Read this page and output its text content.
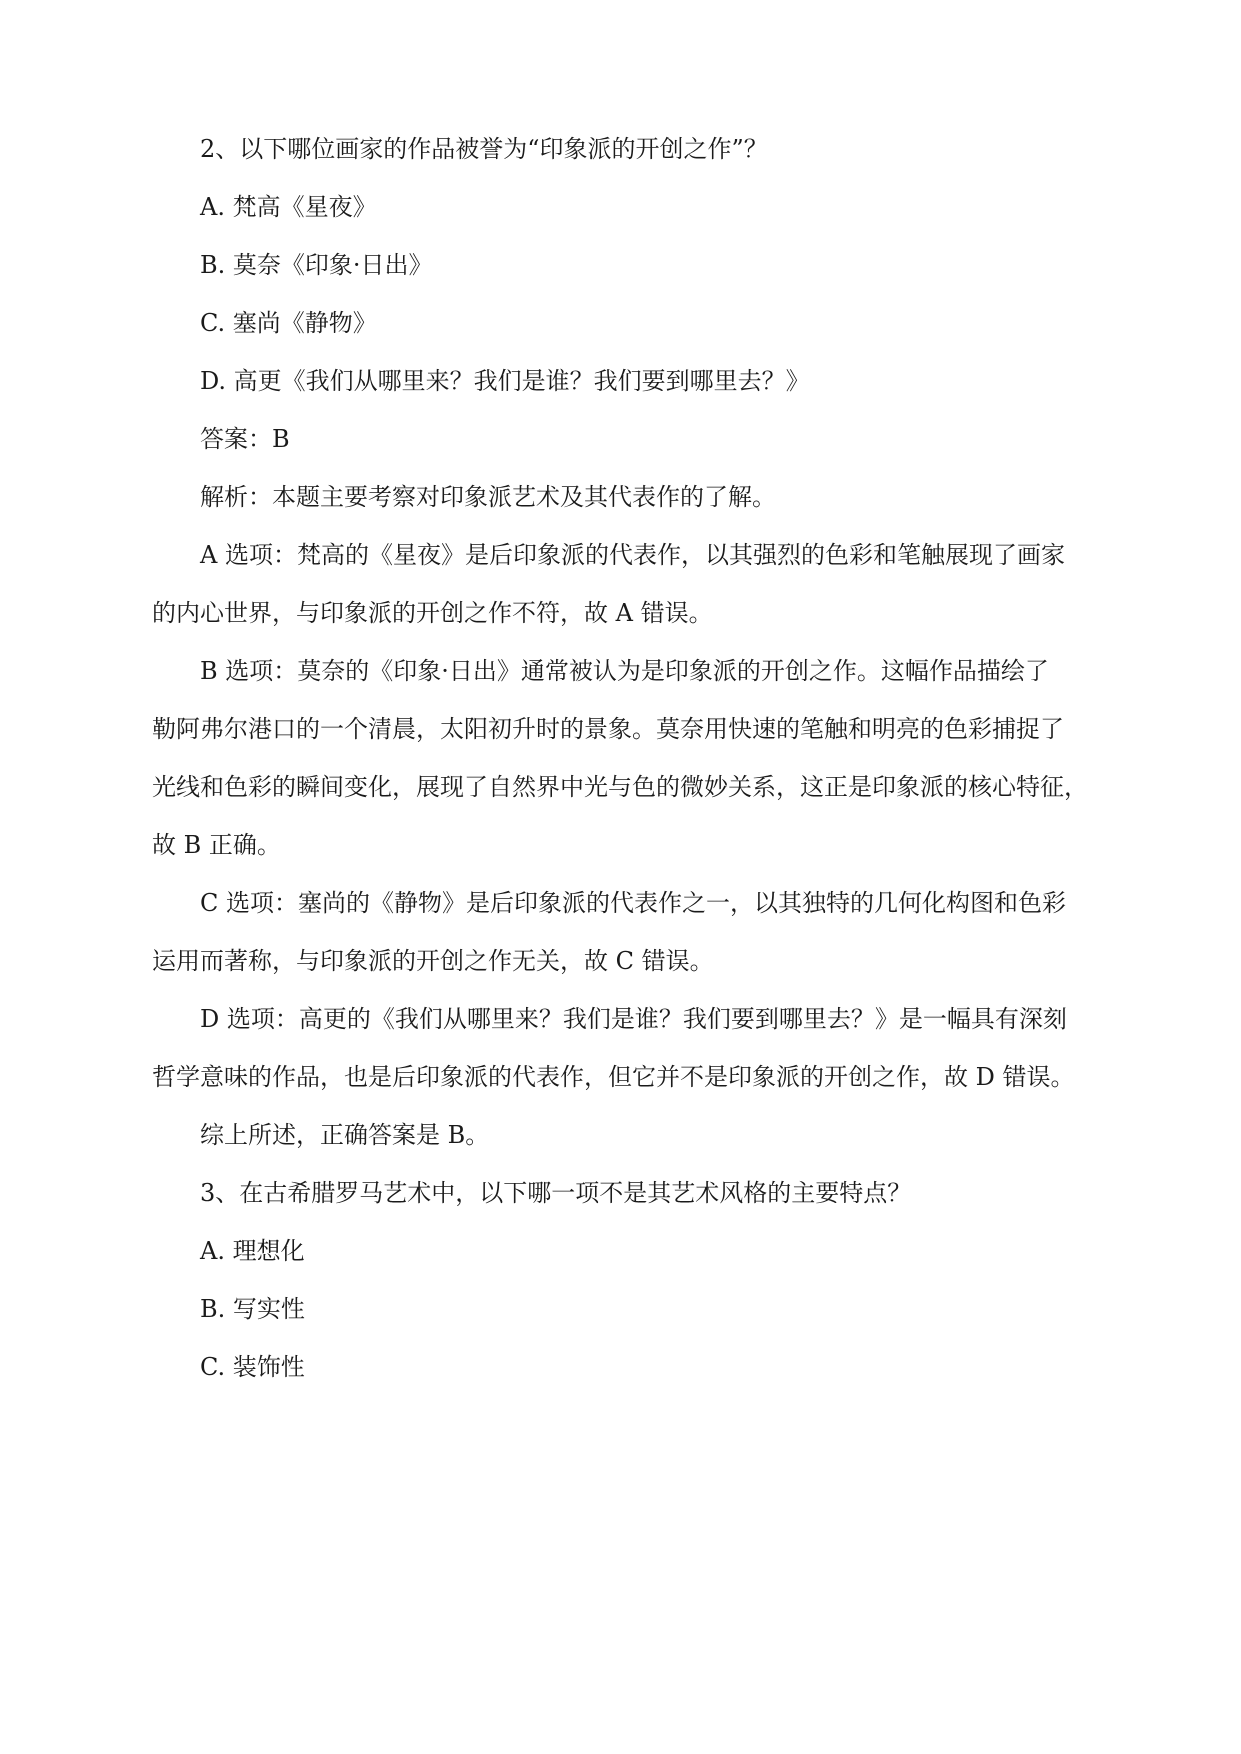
2、以下哪位画家的作品被誉为“印象派的开创之作”？
A. 梵高《星夜》
B. 莫奈《印象·日出》
C. 塞尚《静物》
D. 高更《我们从哪里来？我们是谁？我们要到哪里去？》
答案：B
解析：本题主要考察对印象派艺术及其代表作的了解。
A 选项：梵高的《星夜》是后印象派的代表作，以其强烈的色彩和笔触展现了画家
的内心世界，与印象派的开创之作不符，故 A 错误。
B 选项：莫奈的《印象·日出》通常被认为是印象派的开创之作。这幅作品描绘了
勒阿弗尔港口的一个清晨，太阳初升时的景象。莫奈用快速的笔触和明亮的色彩捕捉了
光线和色彩的瞬间变化，展现了自然界中光与色的微妙关系，这正是印象派的核心特征，
故 B 正确。
C 选项：塞尚的《静物》是后印象派的代表作之一，以其独特的几何化构图和色彩
运用而著称，与印象派的开创之作无关，故 C 错误。
D 选项：高更的《我们从哪里来？我们是谁？我们要到哪里去？》是一幅具有深刻
哲学意味的作品，也是后印象派的代表作，但它并不是印象派的开创之作，故 D 错误。
综上所述，正确答案是 B。
3、在古希腊罗马艺术中，以下哪一项不是其艺术风格的主要特点？
A. 理想化
B. 写实性
C. 装饰性
